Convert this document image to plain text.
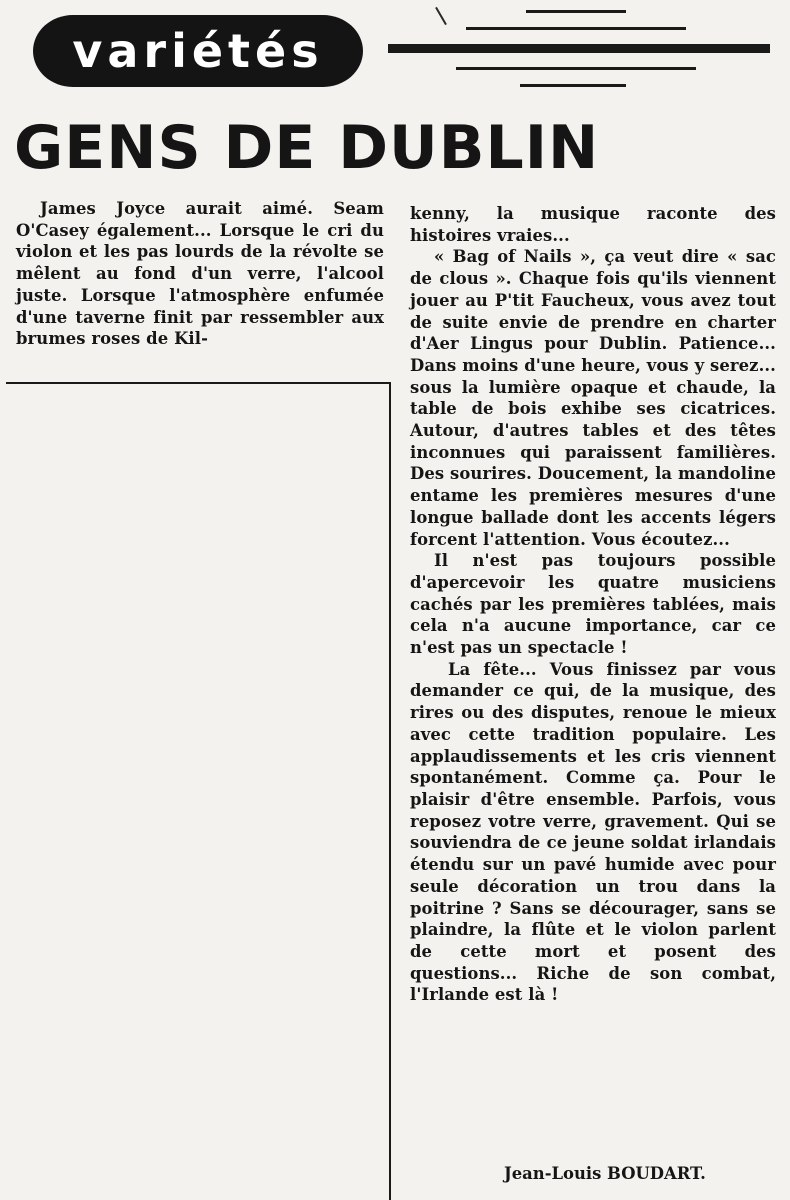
variétés
GENS DE DUBLIN

James Joyce aurait aimé. Seam O'Casey également... Lorsque le cri du violon et les pas lourds de la révolte se mêlent au fond d'un verre, l'alcool juste. Lorsque l'atmosphère enfumée d'une taverne finit par ressembler aux brumes roses de Kil-

kenny, la musique raconte des histoires vraies...

« Bag of Nails », ça veut dire « sac de clous ». Chaque fois qu'ils viennent jouer au P'tit Faucheux, vous avez tout de suite envie de prendre en charter d'Aer Lingus pour Dublin. Patience... Dans moins d'une heure, vous y serez... sous la lumière opaque et chaude, la table de bois exhibe ses cicatrices. Autour, d'autres tables et des têtes inconnues qui paraissent familières. Des sourires. Doucement, la mandoline entame les premières mesures d'une longue ballade dont les accents légers forcent l'attention. Vous écoutez...

Il n'est pas toujours possible d'apercevoir les quatre musiciens cachés par les premières tablées, mais cela n'a aucune importance, car ce n'est pas un spectacle !

La fête... Vous finissez par vous demander ce qui, de la musique, des rires ou des disputes, renoue le mieux avec cette tradition populaire. Les applaudissements et les cris viennent spontanément. Comme ça. Pour le plaisir d'être ensemble. Parfois, vous reposez votre verre, gravement. Qui se souviendra de ce jeune soldat irlandais étendu sur un pavé humide avec pour seule décoration un trou dans la poitrine ? Sans se décourager, sans se plaindre, la flûte et le violon parlent de cette mort et posent des questions... Riche de son combat, l'Irlande est là !

Jean-Louis BOUDART.
